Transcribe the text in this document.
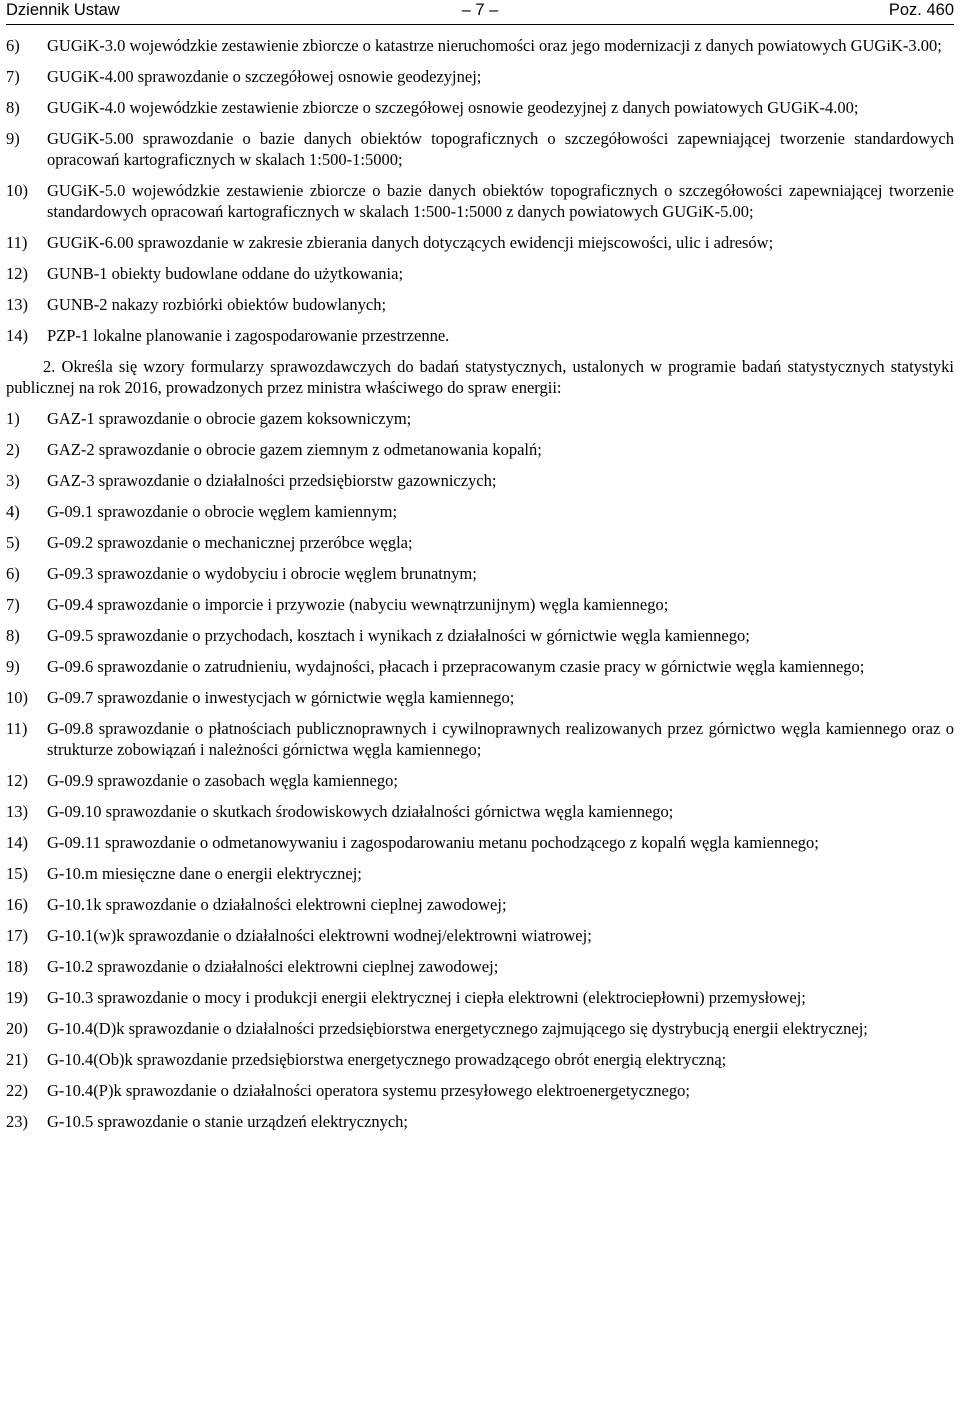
Dziennik Ustaw	– 7 –	Poz. 460
6)	GUGiK-3.0 wojewódzkie zestawienie zbiorcze o katastrze nieruchomości oraz jego modernizacji z danych powiatowych GUGiK-3.00;
7)	GUGiK-4.00 sprawozdanie o szczegółowej osnowie geodezyjnej;
8)	GUGiK-4.0 wojewódzkie zestawienie zbiorcze o szczegółowej osnowie geodezyjnej z danych powiatowych GUGiK-4.00;
9)	GUGiK-5.00 sprawozdanie o bazie danych obiektów topograficznych o szczegółowości zapewniającej tworzenie standardowych opracowań kartograficznych w skalach 1:500-1:5000;
10)	GUGiK-5.0 wojewódzkie zestawienie zbiorcze o bazie danych obiektów topograficznych o szczegółowości zapewniającej tworzenie standardowych opracowań kartograficznych w skalach 1:500-1:5000 z danych powiatowych GUGiK-5.00;
11)	GUGiK-6.00 sprawozdanie w zakresie zbierania danych dotyczących ewidencji miejscowości, ulic i adresów;
12)	GUNB-1 obiekty budowlane oddane do użytkowania;
13)	GUNB-2 nakazy rozbiórki obiektów budowlanych;
14)	PZP-1 lokalne planowanie i zagospodarowanie przestrzenne.

2. Określa się wzory formularzy sprawozdawczych do badań statystycznych, ustalonych w programie badań statystycznych statystyki publicznej na rok 2016, prowadzonych przez ministra właściwego do spraw energii:

1)	GAZ-1 sprawozdanie o obrocie gazem koksowniczym;
2)	GAZ-2 sprawozdanie o obrocie gazem ziemnym z odmetanowania kopalń;
3)	GAZ-3 sprawozdanie o działalności przedsiębiorstw gazowniczych;
4)	G-09.1 sprawozdanie o obrocie węglem kamiennym;
5)	G-09.2 sprawozdanie o mechanicznej przeróbce węgla;
6)	G-09.3 sprawozdanie o wydobyciu i obrocie węglem brunatnym;
7)	G-09.4 sprawozdanie o imporcie i przywozie (nabyciu wewnątrzunijnym) węgla kamiennego;
8)	G-09.5 sprawozdanie o przychodach, kosztach i wynikach z działalności w górnictwie węgla kamiennego;
9)	G-09.6 sprawozdanie o zatrudnieniu, wydajności, płacach i przepracowanym czasie pracy w górnictwie węgla kamiennego;
10)	G-09.7 sprawozdanie o inwestycjach w górnictwie węgla kamiennego;
11)	G-09.8 sprawozdanie o płatnościach publicznoprawnych i cywilnoprawnych realizowanych przez górnictwo węgla kamiennego oraz o strukturze zobowiązań i należności górnictwa węgla kamiennego;
12)	G-09.9 sprawozdanie o zasobach węgla kamiennego;
13)	G-09.10 sprawozdanie o skutkach środowiskowych działalności górnictwa węgla kamiennego;
14)	G-09.11 sprawozdanie o odmetanowywaniu i zagospodarowaniu metanu pochodzącego z kopalń węgla kamiennego;
15)	G-10.m miesięczne dane o energii elektrycznej;
16)	G-10.1k sprawozdanie o działalności elektrowni cieplnej zawodowej;
17)	G-10.1(w)k sprawozdanie o działalności elektrowni wodnej/elektrowni wiatrowej;
18)	G-10.2 sprawozdanie o działalności elektrowni cieplnej zawodowej;
19)	G-10.3 sprawozdanie o mocy i produkcji energii elektrycznej i ciepła elektrowni (elektrociepłowni) przemysłowej;
20)	G-10.4(D)k sprawozdanie o działalności przedsiębiorstwa energetycznego zajmującego się dystrybucją energii elektrycznej;
21)	G-10.4(Ob)k sprawozdanie przedsiębiorstwa energetycznego prowadzącego obrót energią elektryczną;
22)	G-10.4(P)k sprawozdanie o działalności operatora systemu przesyłowego elektroenergetycznego;
23)	G-10.5 sprawozdanie o stanie urządzeń elektrycznych;
